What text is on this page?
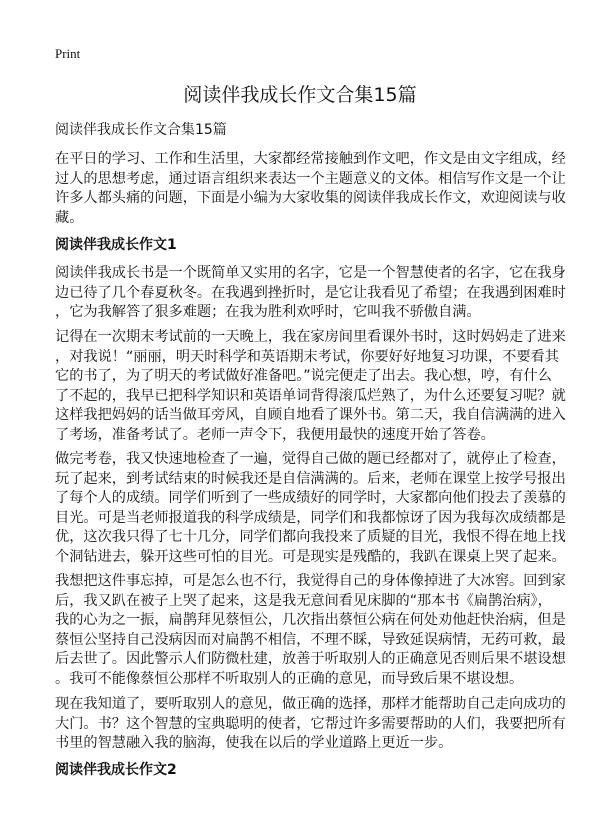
Print
阅读伴我成长作文合集15篇
阅读伴我成长作文合集15篇
在平日的学习、工作和生活里，大家都经常接触到作文吧，作文是由文字组成，经
过人的思想考虑，通过语言组织来表达一个主题意义的文体。相信写作文是一个让
许多人都头痛的问题，下面是小编为大家收集的阅读伴我成长作文，欢迎阅读与收
藏。
阅读伴我成长作文1
阅读伴我成长书是一个既简单又实用的名字，它是一个智慧使者的名字，它在我身
边已待了几个春夏秋冬。在我遇到挫折时，是它让我看见了希望；在我遇到困难时
，它为我解答了狠多难题；在我为胜利欢呼时，它叫我不骄傲自满。
记得在一次期末考试前的一天晚上，我在家房间里看课外书时，这时妈妈走了进来
，对我说！“丽丽，明天时科学和英语期末考试，你要好好地复习功课，不要看其
它的书了，为了明天的考试做好准备吧。”说完便走了出去。我心想，哼，有什么
了不起的，我早已把科学知识和英语单词背得滚瓜烂熟了，为什么还要复习呢？就
这样我把妈妈的话当做耳旁风，自顾自地看了课外书。第二天，我自信满满的进入
了考场，准备考试了。老师一声令下，我便用最快的速度开始了答卷。
做完考卷，我又快速地检查了一遍，觉得自己做的题已经都对了，就停止了检查，
玩了起来，到考试结束的时候我还是自信满满的。后来，老师在课堂上按学号报出
了每个人的成绩。同学们听到了一些成绩好的同学时，大家都向他们投去了羡慕的
目光。可是当老师报道我的科学成绩是，同学们和我都惊讶了因为我每次成绩都是
优，这次我只得了七十几分，同学们都向我投来了质疑的目光，我恨不得在地上找
个洞钻进去，躲开这些可怕的目光。可是现实是残酷的，我趴在课桌上哭了起来。
我想把这件事忘掉，可是怎么也不行，我觉得自己的身体像掉进了大冰窖。回到家
后，我又趴在被子上哭了起来，这是我无意间看见床脚的“那本书《扁鹊治病》，
我的心为之一振，扁鹊拜见蔡恒公，几次指出蔡恒公病在何处劝他赶快治病，但是
蔡恒公坚持自己没病因而对扁鹊不相信，不理不睬，导致延误病情，无药可救，最
后去世了。因此警示人们防微杜建，放善于听取别人的正确意见否则后果不堪设想
。我可不能像蔡恒公那样不听取别人的正确的意见，而导致后果不堪设想。
现在我知道了，要听取别人的意见，做正确的选择，那样才能帮助自己走向成功的
大门。书？这个智慧的宝典聪明的使者，它帮过许多需要帮助的人们，我要把所有
书里的智慧融入我的脑海，使我在以后的学业道路上更近一步。
阅读伴我成长作文2
